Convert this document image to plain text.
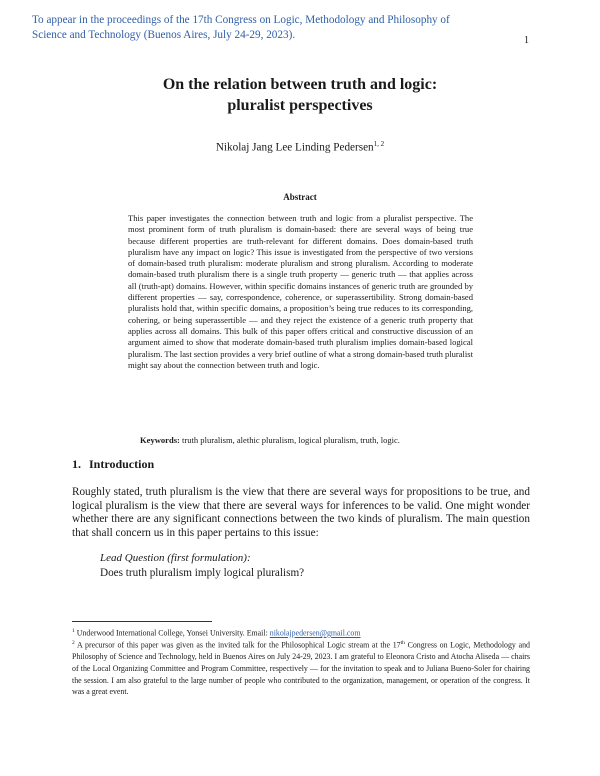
To appear in the proceedings of the 17th Congress on Logic, Methodology and Philosophy of Science and Technology (Buenos Aires, July 24-29, 2023).	1
On the relation between truth and logic:
pluralist perspectives
Nikolaj Jang Lee Linding Pedersen$^{1, 2}$
Abstract

This paper investigates the connection between truth and logic from a pluralist perspective. The most prominent form of truth pluralism is domain-based: there are several ways of being true because different properties are truth-relevant for different domains. Does domain-based truth pluralism have any impact on logic? This issue is investigated from the perspective of two versions of domain-based truth pluralism: moderate pluralism and strong pluralism. According to moderate domain-based truth pluralism there is a single truth property — generic truth — that applies across all (truth-apt) domains. However, within specific domains instances of generic truth are grounded by different properties — say, correspondence, coherence, or superassertibility. Strong domain-based pluralists hold that, within specific domains, a proposition’s being true reduces to its corresponding, cohering, or being superassertible — and they reject the existence of a generic truth property that applies across all domains. This bulk of this paper offers critical and constructive discussion of an argument aimed to show that moderate domain-based truth pluralism implies domain-based logical pluralism. The last section provides a very brief outline of what a strong domain-based truth pluralist might say about the connection between truth and logic.

Keywords: truth pluralism, alethic pluralism, logical pluralism, truth, logic.
1. Introduction

Roughly stated, truth pluralism is the view that there are several ways for propositions to be true, and logical pluralism is the view that there are several ways for inferences to be valid. One might wonder whether there are any significant connections between the two kinds of pluralism. The main question that shall concern us in this paper pertains to this issue:

Lead Question (first formulation):
Does truth pluralism imply logical pluralism?

$^1$ Underwood International College, Yonsei University. Email: nikolajpedersen@gmail.com

$^2$ A precursor of this paper was given as the invited talk for the Philosophical Logic stream at the 17th Congress on Logic, Methodology and Philosophy of Science and Technology, held in Buenos Aires on July 24-29, 2023. I am grateful to Eleonora Cristo and Atocha Aliseda — chairs of the Local Organizing Committee and Program Committee, respectively — for the invitation to speak and to Juliana Bueno-Soler for chairing the session. I am also grateful to the large number of people who contributed to the organization, management, or operation of the congress. It was a great event.
